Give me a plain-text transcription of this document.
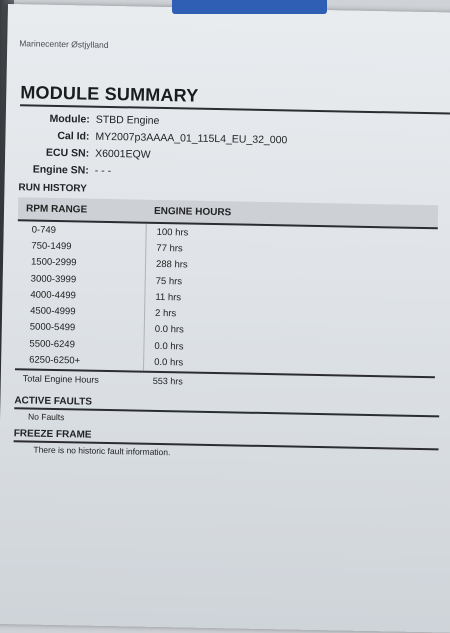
Marinecenter Østjylland
MODULE SUMMARY
Module: STBD Engine
Cal Id: MY2007p3AAAA_01_115L4_EU_32_000
ECU SN: X6001EQW
Engine SN: - - -
RUN HISTORY
RPM RANGE	ENGINE HOURS
0-749	100 hrs
750-1499	77 hrs
1500-2999	288 hrs
3000-3999	75 hrs
4000-4499	11 hrs
4500-4999	2 hrs
5000-5499	0.0 hrs
5500-6249	0.0 hrs
6250-6250+	0.0 hrs
Total Engine Hours	553 hrs
ACTIVE FAULTS
No Faults
FREEZE FRAME
There is no historic fault information.
